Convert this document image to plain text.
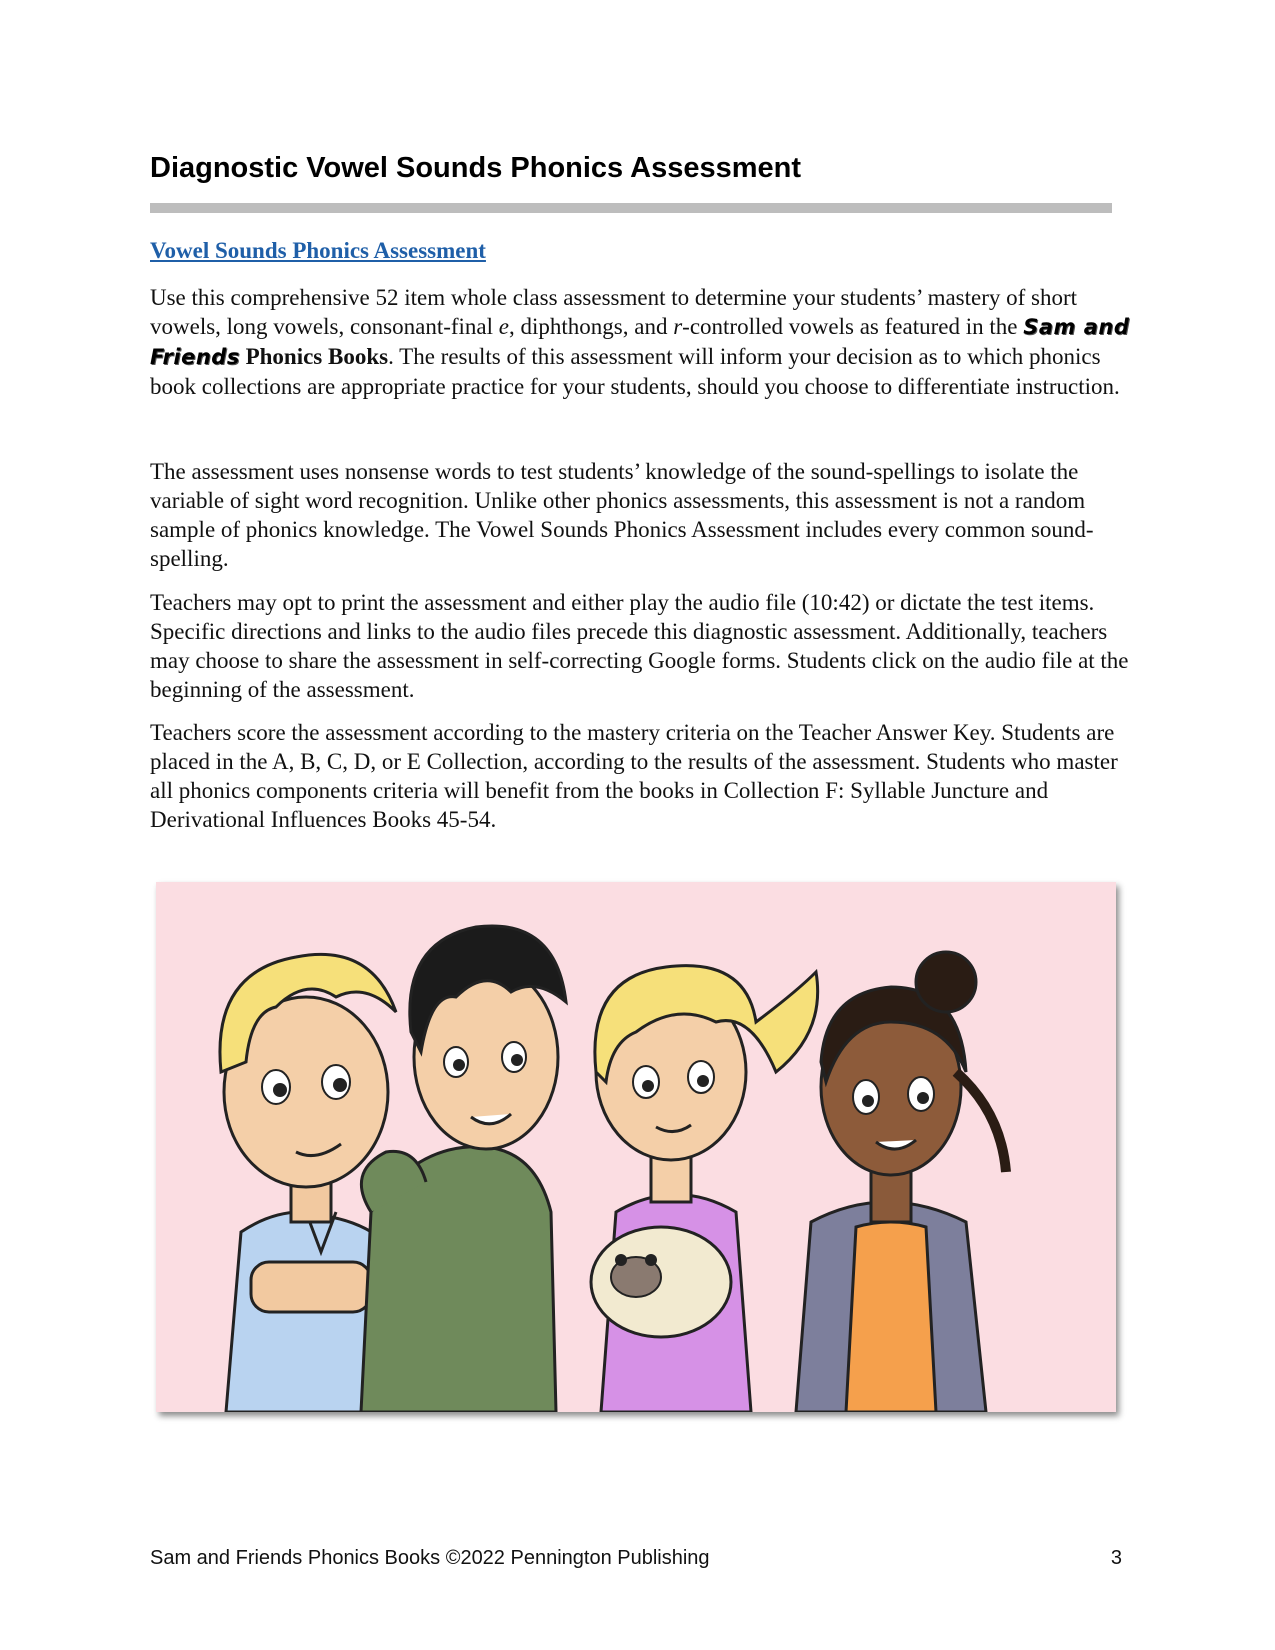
Diagnostic Vowel Sounds Phonics Assessment
Vowel Sounds Phonics Assessment

Use this comprehensive 52 item whole class assessment to determine your students’ mastery of short vowels, long vowels, consonant-final e, diphthongs, and r-controlled vowels as featured in the Sam and Friends Phonics Books. The results of this assessment will inform your decision as to which phonics book collections are appropriate practice for your students, should you choose to differentiate instruction.

The assessment uses nonsense words to test students’ knowledge of the sound-spellings to isolate the variable of sight word recognition. Unlike other phonics assessments, this assessment is not a random sample of phonics knowledge. The Vowel Sounds Phonics Assessment includes every common sound-spelling.

Teachers may opt to print the assessment and either play the audio file (10:42) or dictate the test items. Specific directions and links to the audio files precede this diagnostic assessment. Additionally, teachers may choose to share the assessment in self-correcting Google forms. Students click on the audio file at the beginning of the assessment.

Teachers score the assessment according to the mastery criteria on the Teacher Answer Key. Students are placed in the A, B, C, D, or E Collection, according to the results of the assessment. Students who master all phonics components criteria will benefit from the books in Collection F: Syllable Juncture and Derivational Influences Books 45-54.

Sam and Friends Phonics Books ©2022 Pennington Publishing	3
